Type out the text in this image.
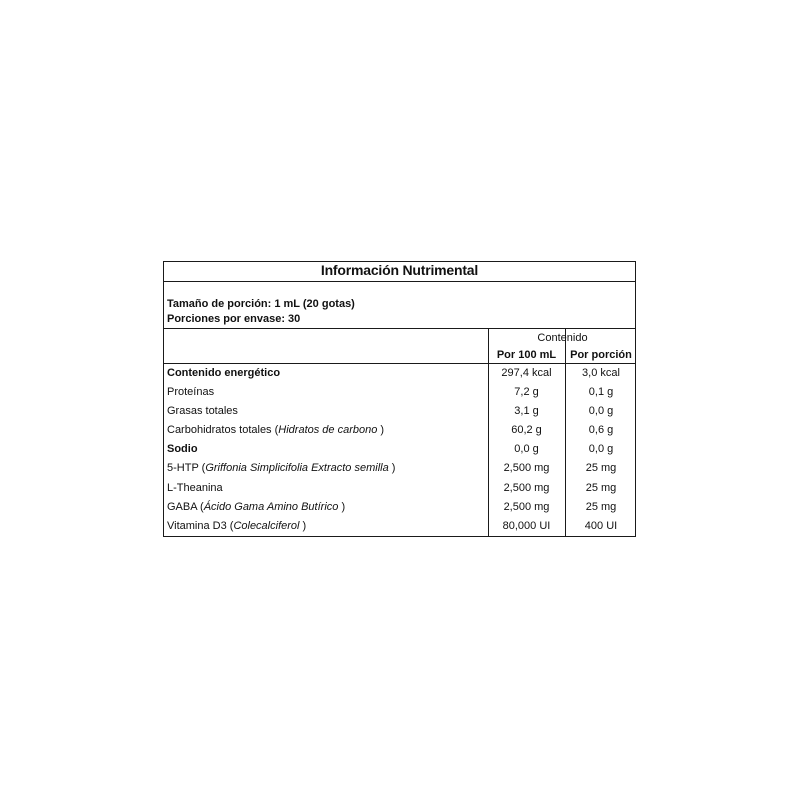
Información Nutrimental
Tamaño de porción: 1 mL (20 gotas)
Porciones por envase: 30
Contenido
Por 100 mL	Por porción
Contenido energético	297,4 kcal	3,0 kcal
Proteínas	7,2 g	0,1 g
Grasas totales	3,1 g	0,0 g
Carbohidratos totales (Hidratos de carbono )	60,2 g	0,6 g
Sodio	0,0 g	0,0 g
5-HTP (Griffonia Simplicifolia Extracto semilla )	2,500 mg	25 mg
L-Theanina	2,500 mg	25 mg
GABA (Ácido Gama Amino Butírico )	2,500 mg	25 mg
Vitamina D3 (Colecalciferol )	80,000 UI	400 UI
